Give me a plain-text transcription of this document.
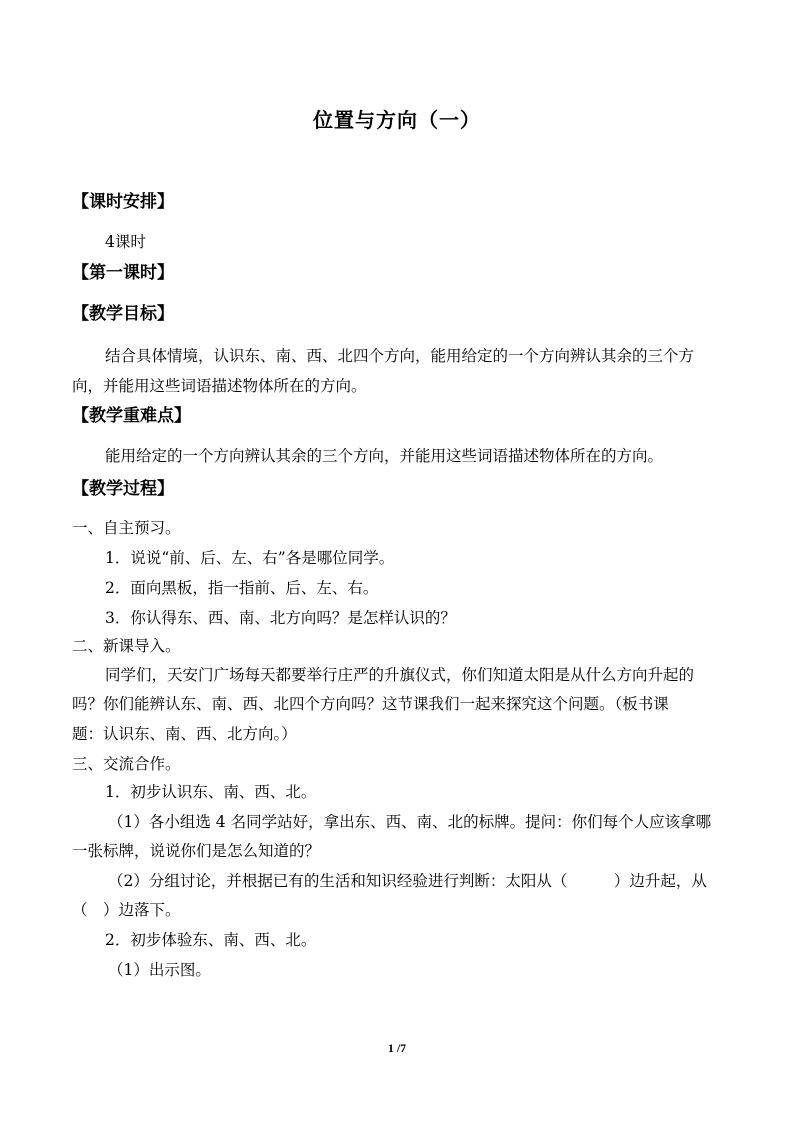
位置与方向（一）
【课时安排】
4课时
【第一课时】
【教学目标】
结合具体情境，认识东、南、西、北四个方向，能用给定的一个方向辨认其余的三个方
向，并能用这些词语描述物体所在的方向。
【教学重难点】
能用给定的一个方向辨认其余的三个方向，并能用这些词语描述物体所在的方向。
【教学过程】
一、自主预习。
1．说说“前、后、左、右”各是哪位同学。
2．面向黑板，指一指前、后、左、右。
3．你认得东、西、南、北方向吗？是怎样认识的？
二、新课导入。
同学们，天安门广场每天都要举行庄严的升旗仪式，你们知道太阳是从什么方向升起的
吗？你们能辨认东、南、西、北四个方向吗？这节课我们一起来探究这个问题。（板书课
题：认识东、南、西、北方向。）
三、交流合作。
1．初步认识东、南、西、北。
（1）各小组选 4 名同学站好，拿出东、西、南、北的标牌。提问：你们每个人应该拿哪
一张标牌，说说你们是怎么知道的？
（2）分组讨论，并根据已有的生活和知识经验进行判断：太阳从（　　　）边升起，从
（　）边落下。
2．初步体验东、南、西、北。
（1）出示图。
1 /7
